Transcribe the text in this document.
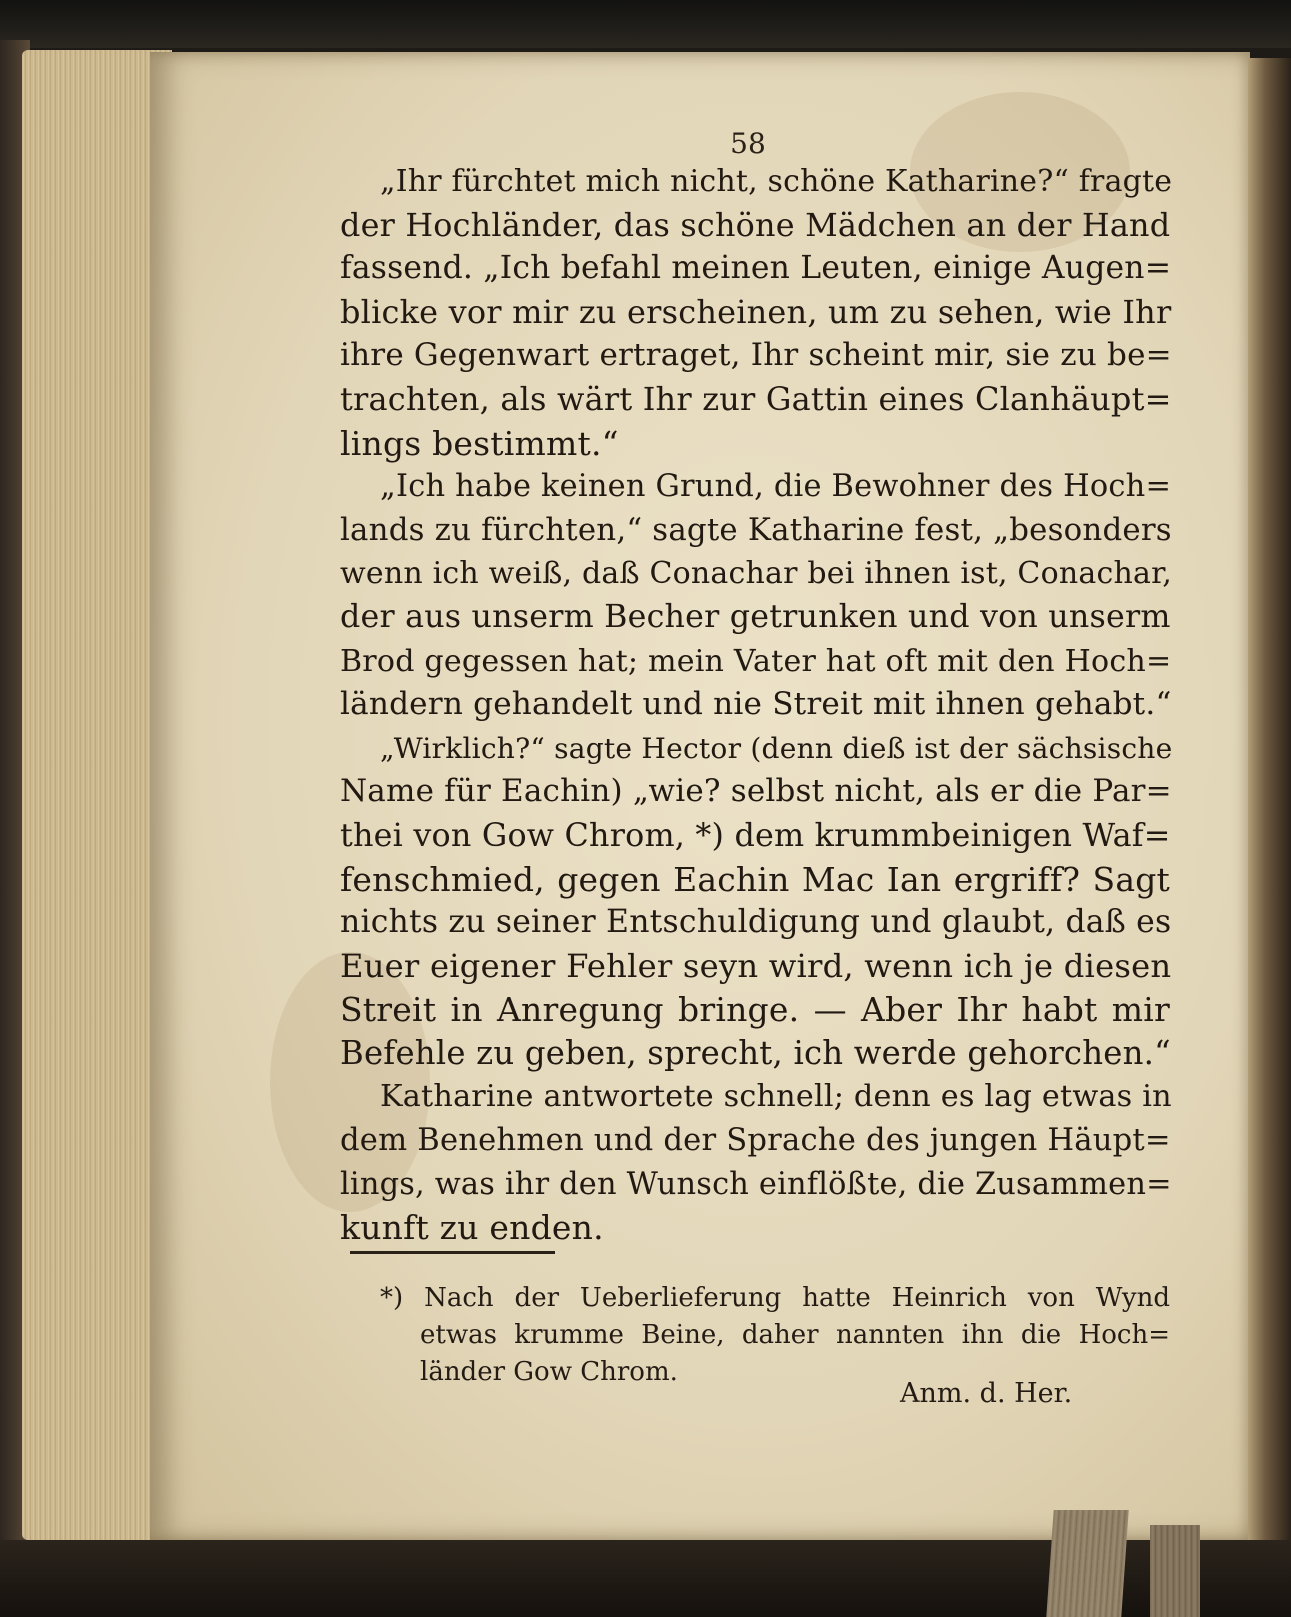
58
„Ihr fürchtet mich nicht, schöne Katharine?“ fragte
der Hochländer, das schöne Mädchen an der Hand
fassend. „Ich befahl meinen Leuten, einige Augen=
blicke vor mir zu erscheinen, um zu sehen, wie Ihr
ihre Gegenwart ertraget, Ihr scheint mir, sie zu be=
trachten, als wärt Ihr zur Gattin eines Clanhäupt=
lings bestimmt.“
„Ich habe keinen Grund, die Bewohner des Hoch=
lands zu fürchten,“ sagte Katharine fest, „besonders
wenn ich weiß, daß Conachar bei ihnen ist, Conachar,
der aus unserm Becher getrunken und von unserm
Brod gegessen hat; mein Vater hat oft mit den Hoch=
ländern gehandelt und nie Streit mit ihnen gehabt.“
„Wirklich?“ sagte Hector (denn dieß ist der sächsische
Name für Eachin) „wie? selbst nicht, als er die Par=
thei von Gow Chrom, *) dem krummbeinigen Waf=
fenschmied, gegen Eachin Mac Ian ergriff? Sagt
nichts zu seiner Entschuldigung und glaubt, daß es
Euer eigener Fehler seyn wird, wenn ich je diesen
Streit in Anregung bringe. — Aber Ihr habt mir
Befehle zu geben, sprecht, ich werde gehorchen.“
Katharine antwortete schnell; denn es lag etwas in
dem Benehmen und der Sprache des jungen Häupt=
lings, was ihr den Wunsch einflößte, die Zusammen=
kunft zu enden.
*) Nach der Ueberlieferung hatte Heinrich von Wynd
etwas krumme Beine, daher nannten ihn die Hoch=
länder Gow Chrom.
Anm. d. Her.
